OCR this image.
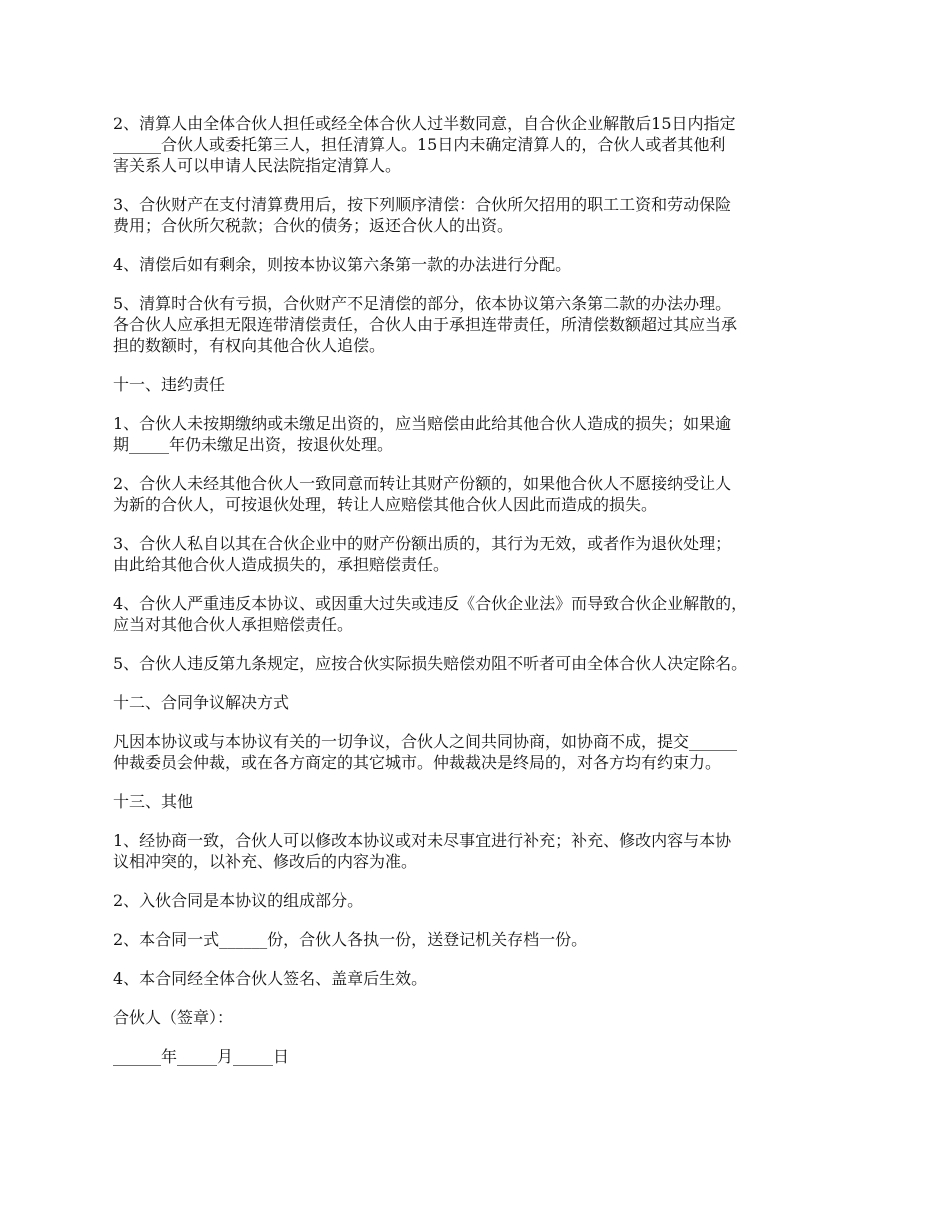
2、清算人由全体合伙人担任或经全体合伙人过半数同意，自合伙企业解散后15日内指定
______合伙人或委托第三人，担任清算人。15日内未确定清算人的，合伙人或者其他利
害关系人可以申请人民法院指定清算人。

3、合伙财产在支付清算费用后，按下列顺序清偿：合伙所欠招用的职工工资和劳动保险
费用；合伙所欠税款；合伙的债务；返还合伙人的出资。

4、清偿后如有剩余，则按本协议第六条第一款的办法进行分配。

5、清算时合伙有亏损，合伙财产不足清偿的部分，依本协议第六条第二款的办法办理。
各合伙人应承担无限连带清偿责任，合伙人由于承担连带责任，所清偿数额超过其应当承
担的数额时，有权向其他合伙人追偿。

十一、违约责任

1、合伙人未按期缴纳或未缴足出资的，应当赔偿由此给其他合伙人造成的损失；如果逾
期_____年仍未缴足出资，按退伙处理。

2、合伙人未经其他合伙人一致同意而转让其财产份额的，如果他合伙人不愿接纳受让人
为新的合伙人，可按退伙处理，转让人应赔偿其他合伙人因此而造成的损失。

3、合伙人私自以其在合伙企业中的财产份额出质的，其行为无效，或者作为退伙处理；
由此给其他合伙人造成损失的，承担赔偿责任。

4、合伙人严重违反本协议、或因重大过失或违反《合伙企业法》而导致合伙企业解散的，
应当对其他合伙人承担赔偿责任。

5、合伙人违反第九条规定，应按合伙实际损失赔偿劝阻不听者可由全体合伙人决定除名。

十二、合同争议解决方式

凡因本协议或与本协议有关的一切争议，合伙人之间共同协商，如协商不成，提交______
仲裁委员会仲裁，或在各方商定的其它城市。仲裁裁决是终局的，对各方均有约束力。

十三、其他

1、经协商一致，合伙人可以修改本协议或对未尽事宜进行补充；补充、修改内容与本协
议相冲突的，以补充、修改后的内容为准。

2、入伙合同是本协议的组成部分。

2、本合同一式______份，合伙人各执一份，送登记机关存档一份。

4、本合同经全体合伙人签名、盖章后生效。

合伙人（签章）：

______年_____月_____日
